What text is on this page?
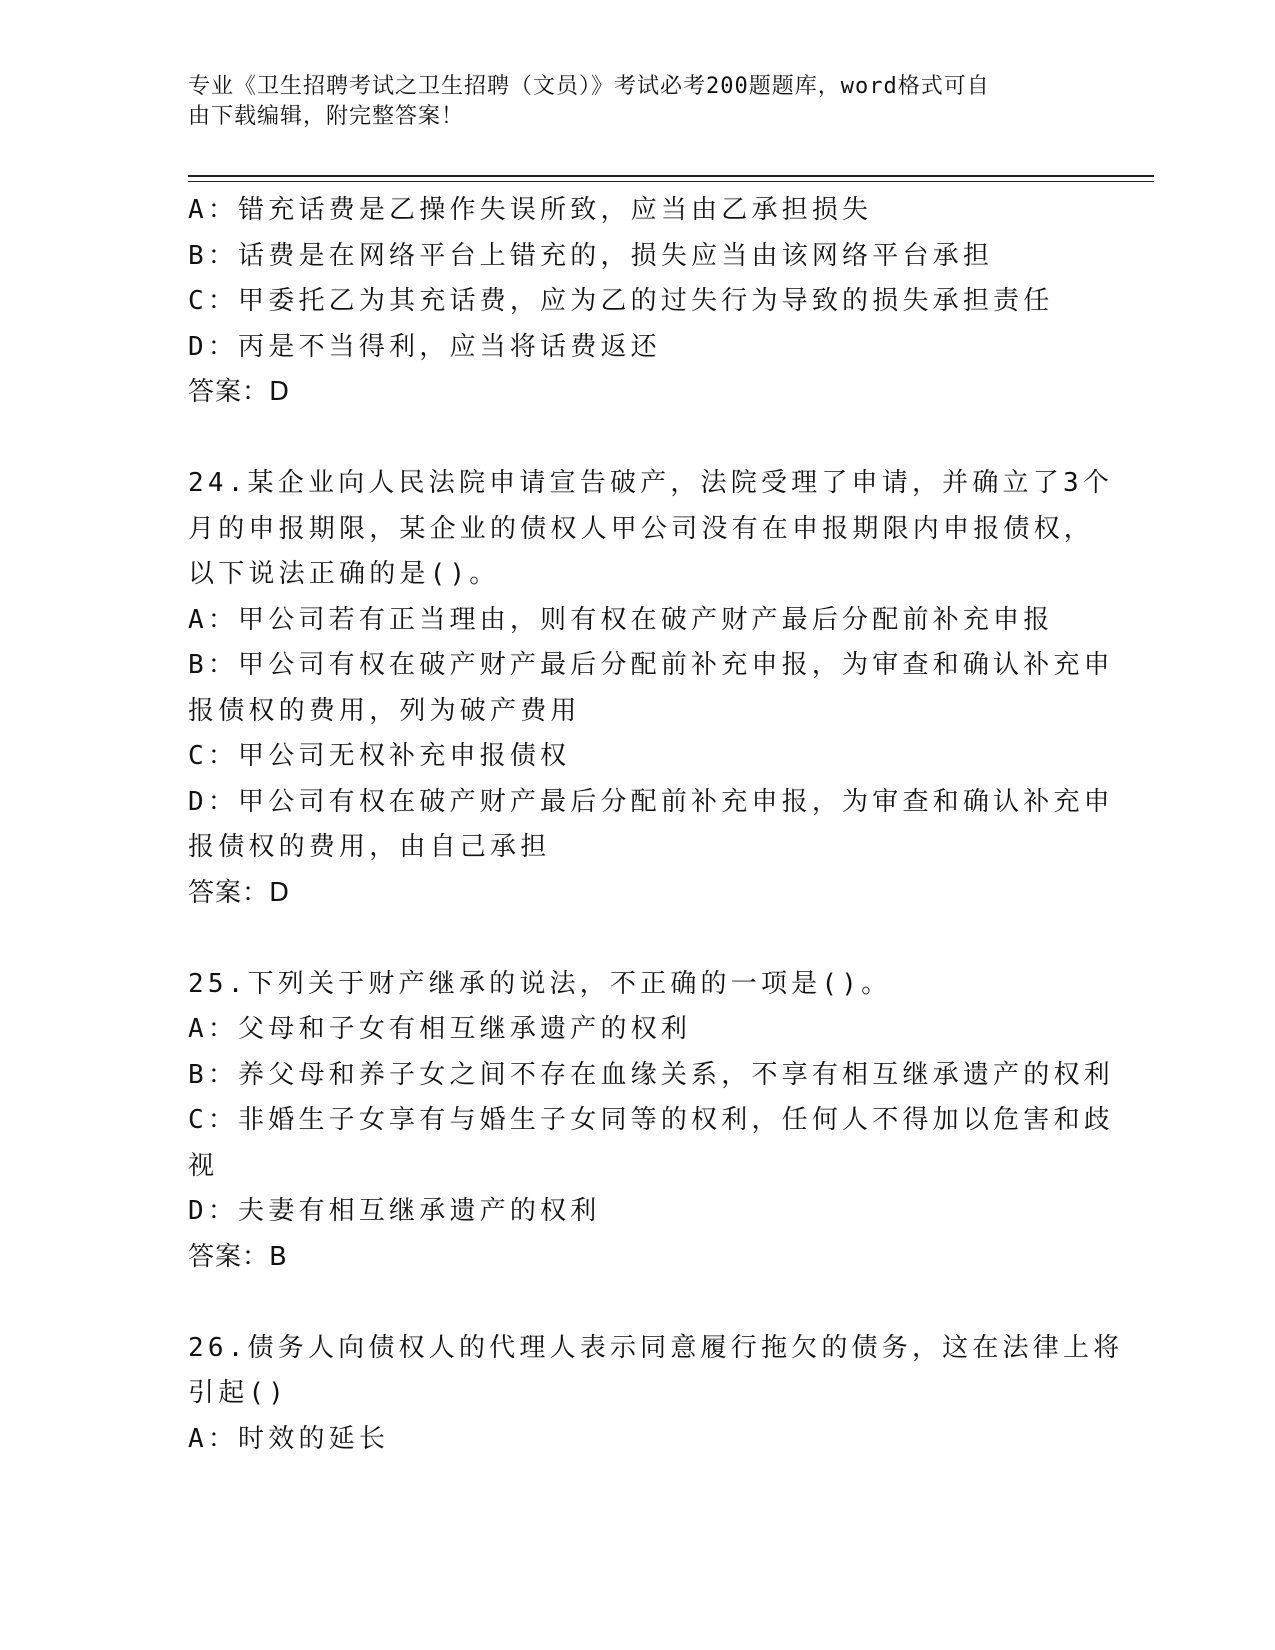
专业《卫生招聘考试之卫生招聘（文员）》考试必考200题题库，word格式可自
由下载编辑，附完整答案！
A：错充话费是乙操作失误所致，应当由乙承担损失
B：话费是在网络平台上错充的，损失应当由该网络平台承担
C：甲委托乙为其充话费，应为乙的过失行为导致的损失承担责任
D：丙是不当得利，应当将话费返还
答案：D
24.某企业向人民法院申请宣告破产，法院受理了申请，并确立了3个
月的申报期限，某企业的债权人甲公司没有在申报期限内申报债权，
以下说法正确的是()。
A：甲公司若有正当理由，则有权在破产财产最后分配前补充申报
B：甲公司有权在破产财产最后分配前补充申报，为审查和确认补充申
报债权的费用，列为破产费用
C：甲公司无权补充申报债权
D：甲公司有权在破产财产最后分配前补充申报，为审查和确认补充申
报债权的费用，由自己承担
答案：D
25.下列关于财产继承的说法，不正确的一项是()。
A：父母和子女有相互继承遗产的权利
B：养父母和养子女之间不存在血缘关系，不享有相互继承遗产的权利
C：非婚生子女享有与婚生子女同等的权利，任何人不得加以危害和歧
视
D：夫妻有相互继承遗产的权利
答案：B
26.债务人向债权人的代理人表示同意履行拖欠的债务，这在法律上将
引起()
A：时效的延长
